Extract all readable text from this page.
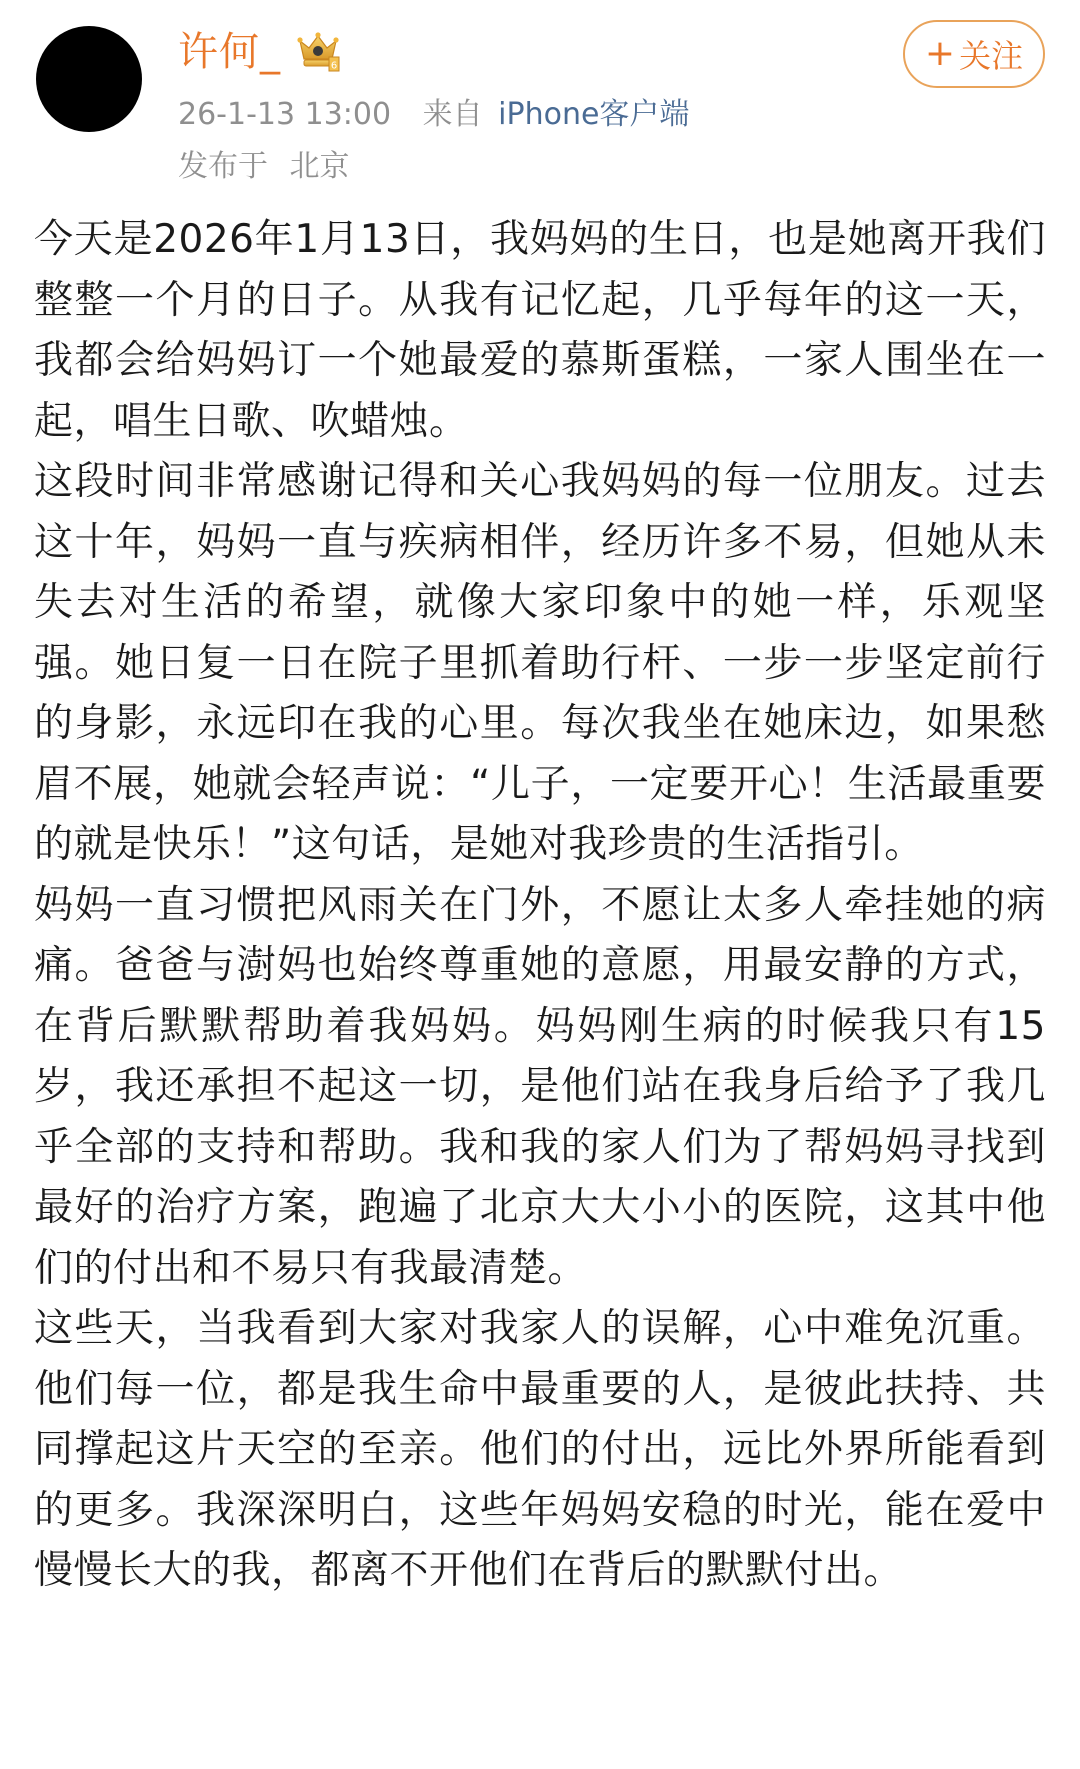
许何_	6
26-1-13 13:00 来自 iPhone客户端
发布于 北京
+ 关注

今天是2026年1月13日，我妈妈的生日，也是她离开我们整整一个月的日子。从我有记忆起，几乎每年的这一天，我都会给妈妈订一个她最爱的慕斯蛋糕，一家人围坐在一起，唱生日歌、吹蜡烛。

这段时间非常感谢记得和关心我妈妈的每一位朋友。过去这十年，妈妈一直与疾病相伴，经历许多不易，但她从未失去对生活的希望，就像大家印象中的她一样，乐观坚强。她日复一日在院子里抓着助行杆、一步一步坚定前行的身影，永远印在我的心里。每次我坐在她床边，如果愁眉不展，她就会轻声说：“儿子，一定要开心！生活最重要的就是快乐！”这句话，是她对我珍贵的生活指引。

妈妈一直习惯把风雨关在门外，不愿让太多人牵挂她的病痛。爸爸与澍妈也始终尊重她的意愿，用最安静的方式，在背后默默帮助着我妈妈。妈妈刚生病的时候我只有15岁，我还承担不起这一切，是他们站在我身后给予了我几乎全部的支持和帮助。我和我的家人们为了帮妈妈寻找到最好的治疗方案，跑遍了北京大大小小的医院，这其中他们的付出和不易只有我最清楚。

这些天，当我看到大家对我家人的误解，心中难免沉重。他们每一位，都是我生命中最重要的人，是彼此扶持、共同撑起这片天空的至亲。他们的付出，远比外界所能看到的更多。我深深明白，这些年妈妈安稳的时光，能在爱中慢慢长大的我，都离不开他们在背后的默默付出。
